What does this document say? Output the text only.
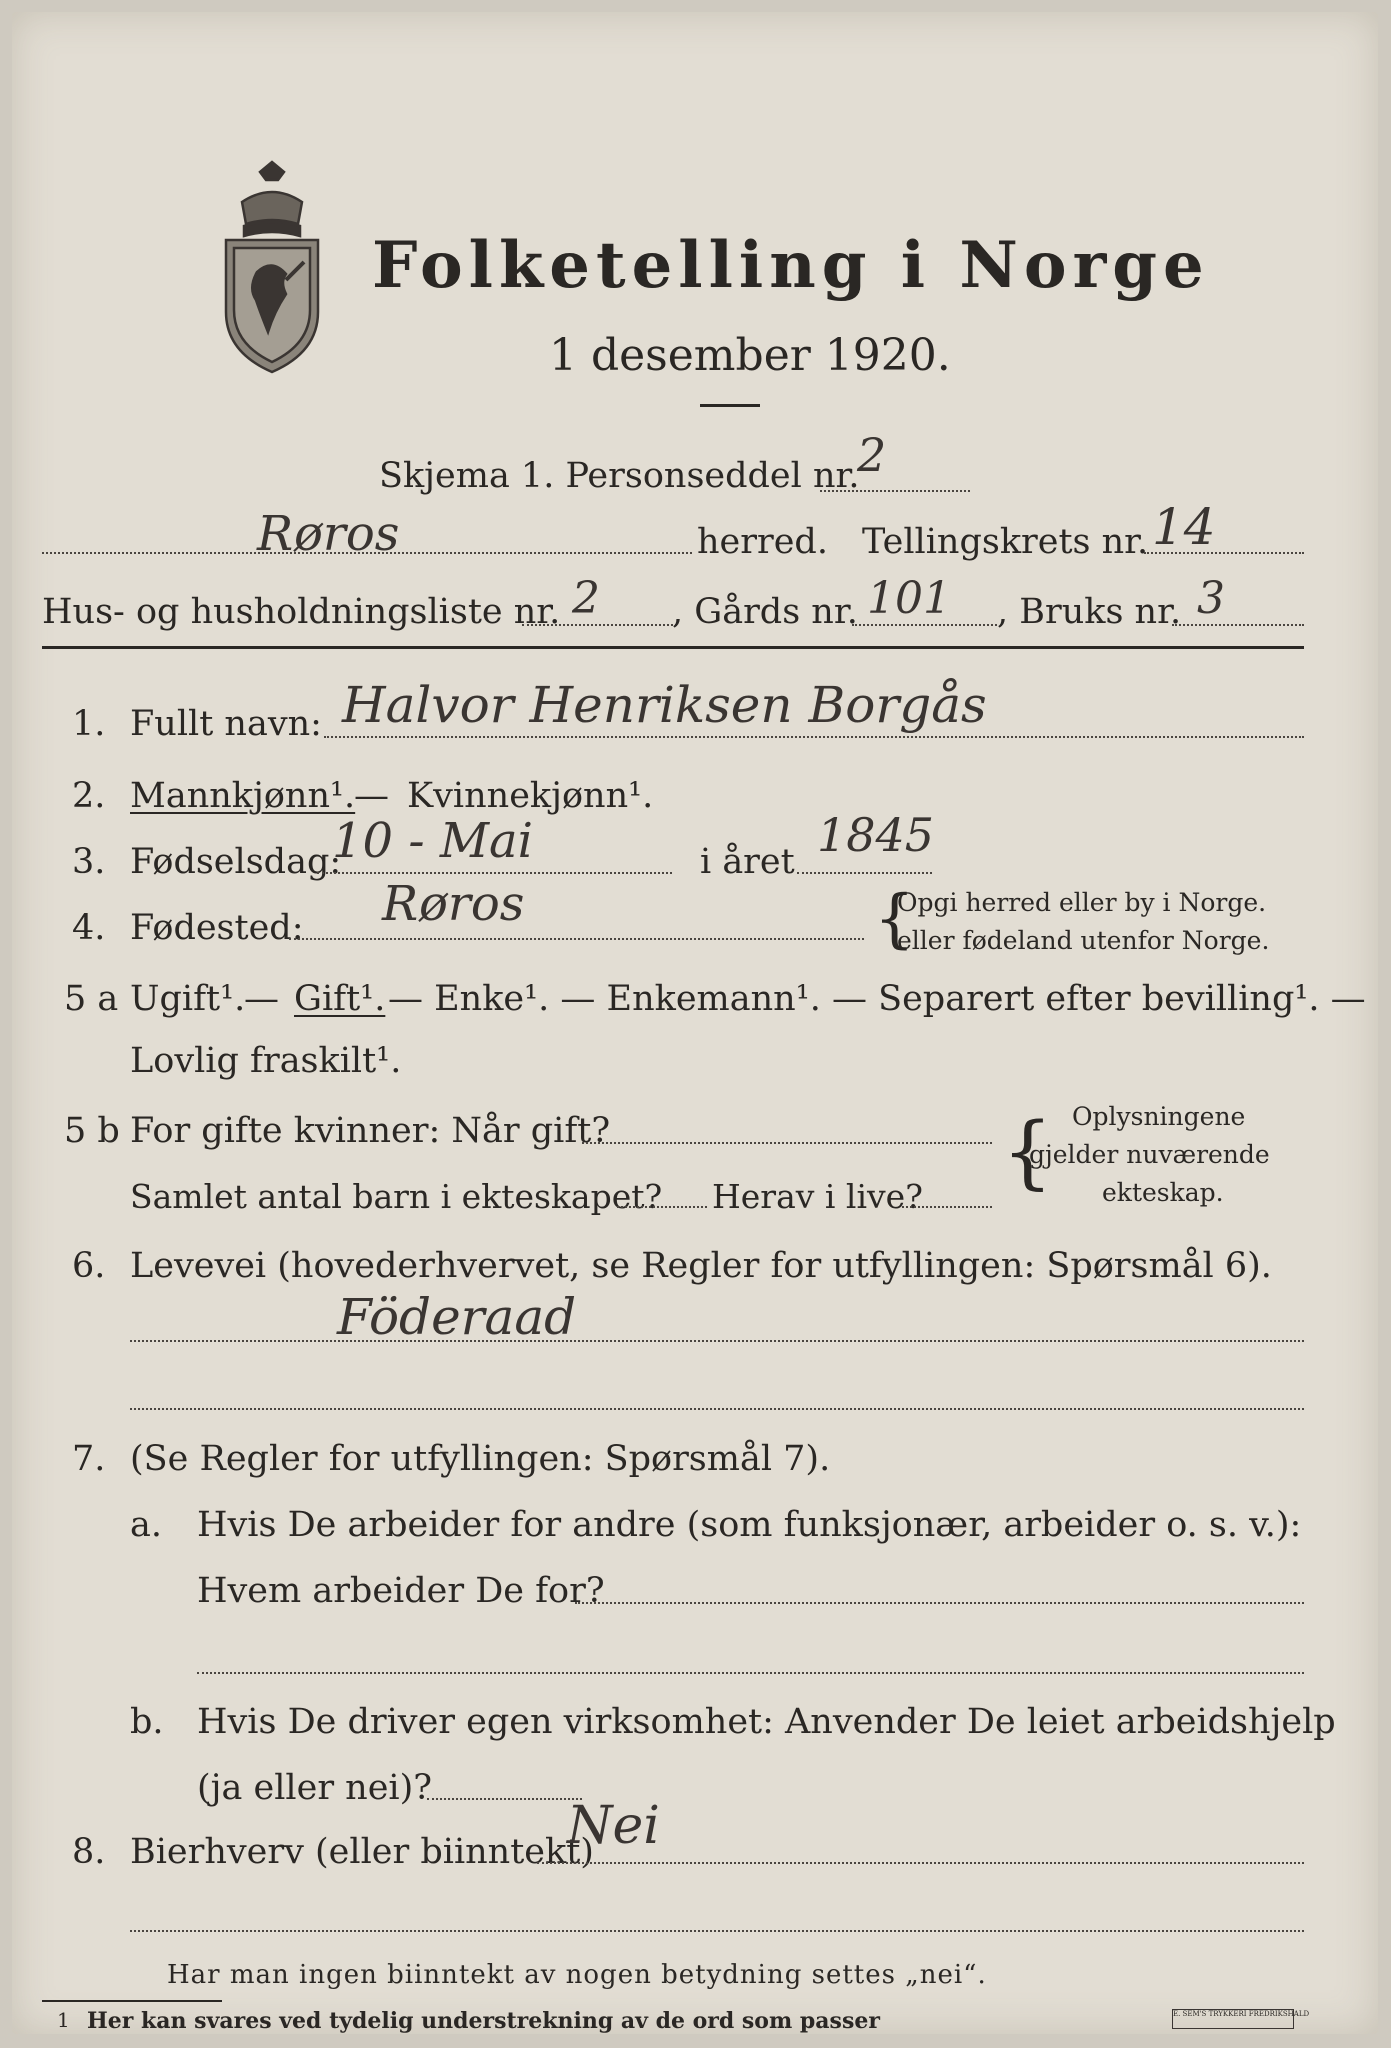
Folketelling i Norge
1 desember 1920.
Skjema 1. Personseddel nr.
2
Røros	herred. Tellingskrets nr. 14
Hus- og husholdningsliste nr. 2 , Gårds nr. 101 , Bruks nr. 3
1. Fullt navn: Halvor Henriksen Borgås
2. Mannkjønn¹.
— Kvinnekjønn¹.
3. Fødselsdag:
10 - Mai	i året 1845
4. Fødested: Røros	{
Opgi herred eller by i Norge.
eller fødeland utenfor Norge.
5 a Ugift¹.
— Gift¹. — Enke¹. — Enkemann¹. — Separert efter bevilling¹. —
Lovlig fraskilt¹.
5 b For gifte kvinner: Når gift?
Samlet antal barn i ekteskapet? Herav i live? { Oplysningene
gjelder nuværende
ekteskap.
6. Levevei (hovederhvervet, se Regler for utfyllingen: Spørsmål 6).
Föderaad
7. (Se Regler for utfyllingen: Spørsmål 7).
a. Hvis De arbeider for andre (som funksjonær, arbeider o. s. v.):
Hvem arbeider De for?
b. Hvis De driver egen virksomhet: Anvender De leiet arbeidshjelp
(ja eller nei)?
8. Bierhverv (eller biinntekt)
Nei
Har man ingen biinntekt av nogen betydning settes „nei“.
1 Her kan svares ved tydelig understrekning av de ord som passer	E. SEM'S TRYKKERI FREDRIKSHALD
